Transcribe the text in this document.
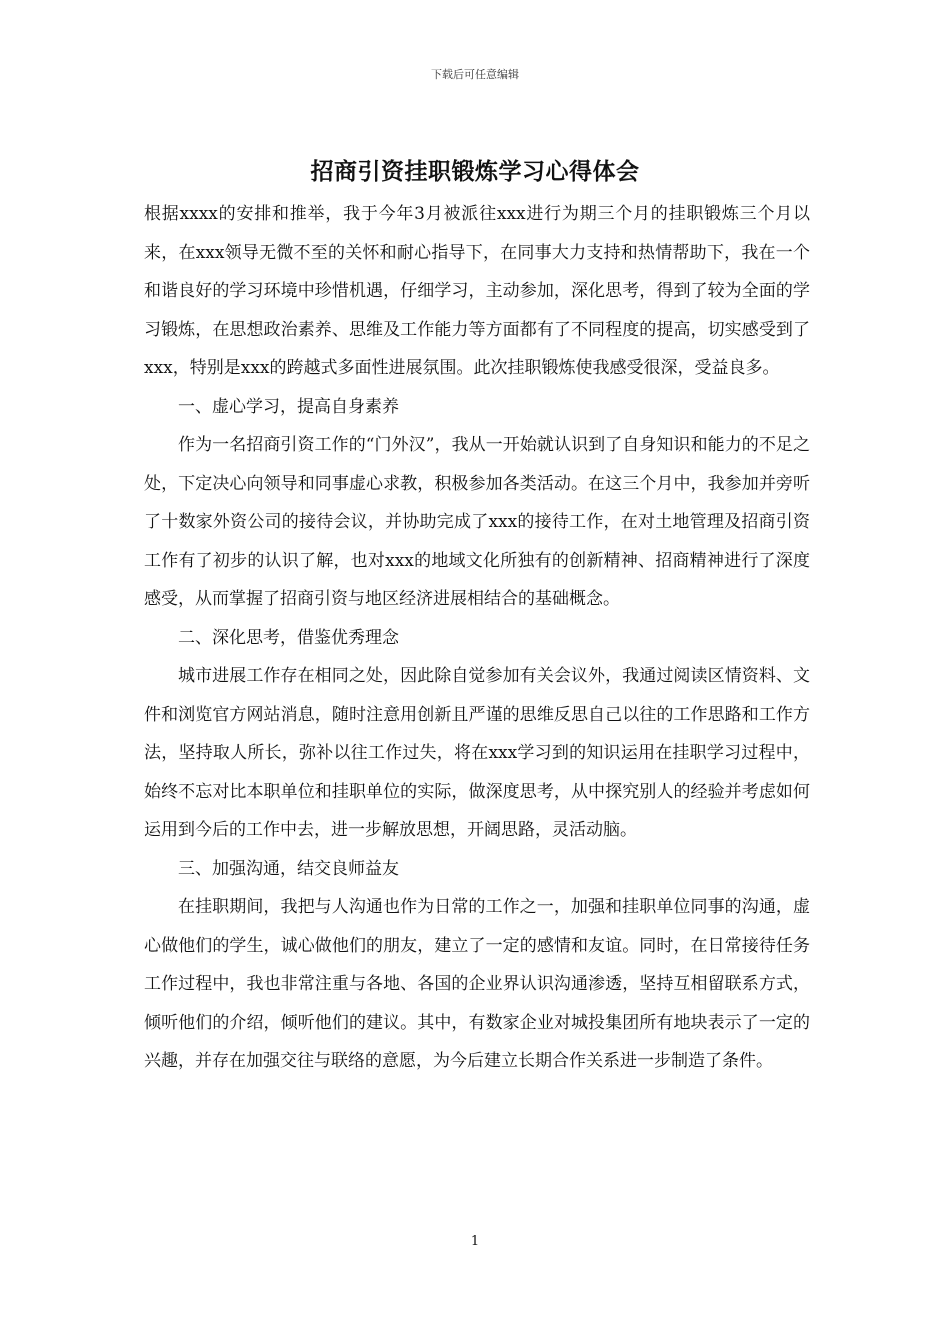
下载后可任意编辑
招商引资挂职锻炼学习心得体会

根据xxxx的安排和推举，我于今年3月被派往xxx进行为期三个月的挂职锻炼三个月以来，在xxx领导无微不至的关怀和耐心指导下，在同事大力支持和热情帮助下，我在一个和谐良好的学习环境中珍惜机遇，仔细学习，主动参加，深化思考，得到了较为全面的学习锻炼，在思想政治素养、思维及工作能力等方面都有了不同程度的提高，切实感受到了xxx，特别是xxx的跨越式多面性进展氛围。此次挂职锻炼使我感受很深，受益良多。

一、虚心学习，提高自身素养

作为一名招商引资工作的“门外汉”，我从一开始就认识到了自身知识和能力的不足之处，下定决心向领导和同事虚心求教，积极参加各类活动。在这三个月中，我参加并旁听了十数家外资公司的接待会议，并协助完成了xxx的接待工作，在对土地管理及招商引资工作有了初步的认识了解，也对xxx的地域文化所独有的创新精神、招商精神进行了深度感受，从而掌握了招商引资与地区经济进展相结合的基础概念。

二、深化思考，借鉴优秀理念

城市进展工作存在相同之处，因此除自觉参加有关会议外，我通过阅读区情资料、文件和浏览官方网站消息，随时注意用创新且严谨的思维反思自己以往的工作思路和工作方法，坚持取人所长，弥补以往工作过失，将在xxx学习到的知识运用在挂职学习过程中，始终不忘对比本职单位和挂职单位的实际，做深度思考，从中探究别人的经验并考虑如何运用到今后的工作中去，进一步解放思想，开阔思路，灵活动脑。

三、加强沟通，结交良师益友

在挂职期间，我把与人沟通也作为日常的工作之一，加强和挂职单位同事的沟通，虚心做他们的学生，诚心做他们的朋友，建立了一定的感情和友谊。同时，在日常接待任务工作过程中，我也非常注重与各地、各国的企业界认识沟通渗透，坚持互相留联系方式，倾听他们的介绍，倾听他们的建议。其中，有数家企业对城投集团所有地块表示了一定的兴趣，并存在加强交往与联络的意愿，为今后建立长期合作关系进一步制造了条件。

1
